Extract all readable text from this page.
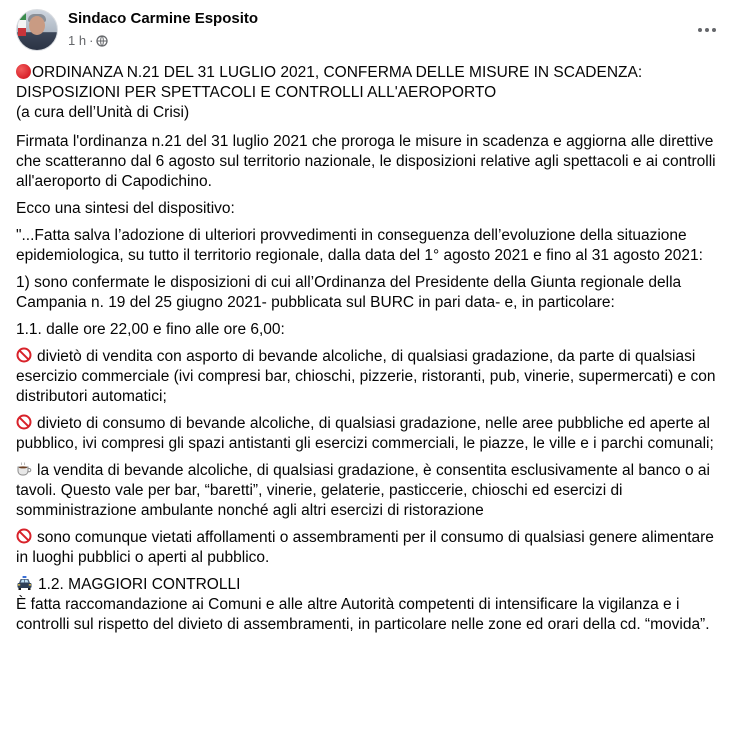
Sindaco Carmine Esposito
1 h ·

ORDINANZA N.21 DEL 31 LUGLIO 2021, CONFERMA DELLE MISURE IN SCADENZA:
DISPOSIZIONI PER SPETTACOLI E CONTROLLI ALL'AEROPORTO
(a cura dell’Unità di Crisi)

Firmata l'ordinanza n.21 del 31 luglio 2021 che proroga le misure in scadenza e aggiorna alle direttive che scatteranno dal 6 agosto sul territorio nazionale, le disposizioni relative agli spettacoli e ai controlli all'aeroporto di Capodichino.

Ecco una sintesi del dispositivo:

"...Fatta salva l’adozione di ulteriori provvedimenti in conseguenza dell’evoluzione della situazione epidemiologica, su tutto il territorio regionale, dalla data del 1° agosto 2021 e fino al 31 agosto 2021:

1) sono confermate le disposizioni di cui all’Ordinanza del Presidente della Giunta regionale della Campania n. 19 del 25 giugno 2021- pubblicata sul BURC in pari data- e, in particolare:

1.1. dalle ore 22,00 e fino alle ore 6,00:

divietò di vendita con asporto di bevande alcoliche, di qualsiasi gradazione, da parte di qualsiasi esercizio commerciale (ivi compresi bar, chioschi, pizzerie, ristoranti, pub, vinerie, supermercati) e con distributori automatici;

divieto di consumo di bevande alcoliche, di qualsiasi gradazione, nelle aree pubbliche ed aperte al pubblico, ivi compresi gli spazi antistanti gli esercizi commerciali, le piazze, le ville e i parchi comunali;

la vendita di bevande alcoliche, di qualsiasi gradazione, è consentita esclusivamente al banco o ai tavoli. Questo vale per bar, “baretti”, vinerie, gelaterie, pasticcerie, chioschi ed esercizi di somministrazione ambulante nonché agli altri esercizi di ristorazione

sono comunque vietati affollamenti o assembramenti per il consumo di qualsiasi genere alimentare in luoghi pubblici o aperti al pubblico.

1.2. MAGGIORI CONTROLLI

È fatta raccomandazione ai Comuni e alle altre Autorità competenti di intensificare la vigilanza e i controlli sul rispetto del divieto di assembramenti, in particolare nelle zone ed orari della cd. “movida”.
